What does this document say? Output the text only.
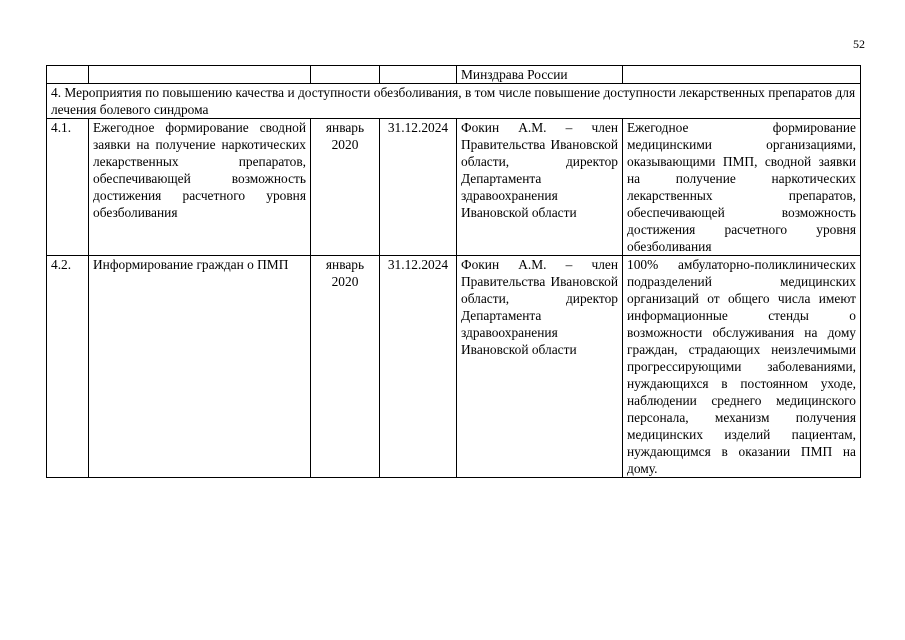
52
				Минздрава России	
4. Мероприятия по повышению качества и доступности обезболивания, в том числе повышение доступности лекарственных препаратов для лечения болевого синдрома					
4.1.	Ежегодное формирование сводной заявки на получение наркотических лекарственных препаратов, обеспечивающей возможность достижения расчетного уровня обезболивания	январь 2020	31.12.2024	Фокин А.М. – член Правительства Ивановской области, директор Департамента здравоохранения Ивановской области	Ежегодное формирование медицинскими организациями, оказывающими ПМП, сводной заявки на получение наркотических лекарственных препаратов, обеспечивающей возможность достижения расчетного уровня обезболивания
4.2.	Информирование граждан о ПМП	январь 2020	31.12.2024	Фокин А.М. – член Правительства Ивановской области, директор Департамента здравоохранения Ивановской области	100% амбулаторно-поликлинических подразделений медицинских организаций от общего числа имеют информационные стенды о возможности обслуживания на дому граждан, страдающих неизлечимыми прогрессирующими заболеваниями, нуждающихся в постоянном уходе, наблюдении среднего медицинского персонала, механизм получения медицинских изделий пациентам, нуждающимся в оказании ПМП на дому.
